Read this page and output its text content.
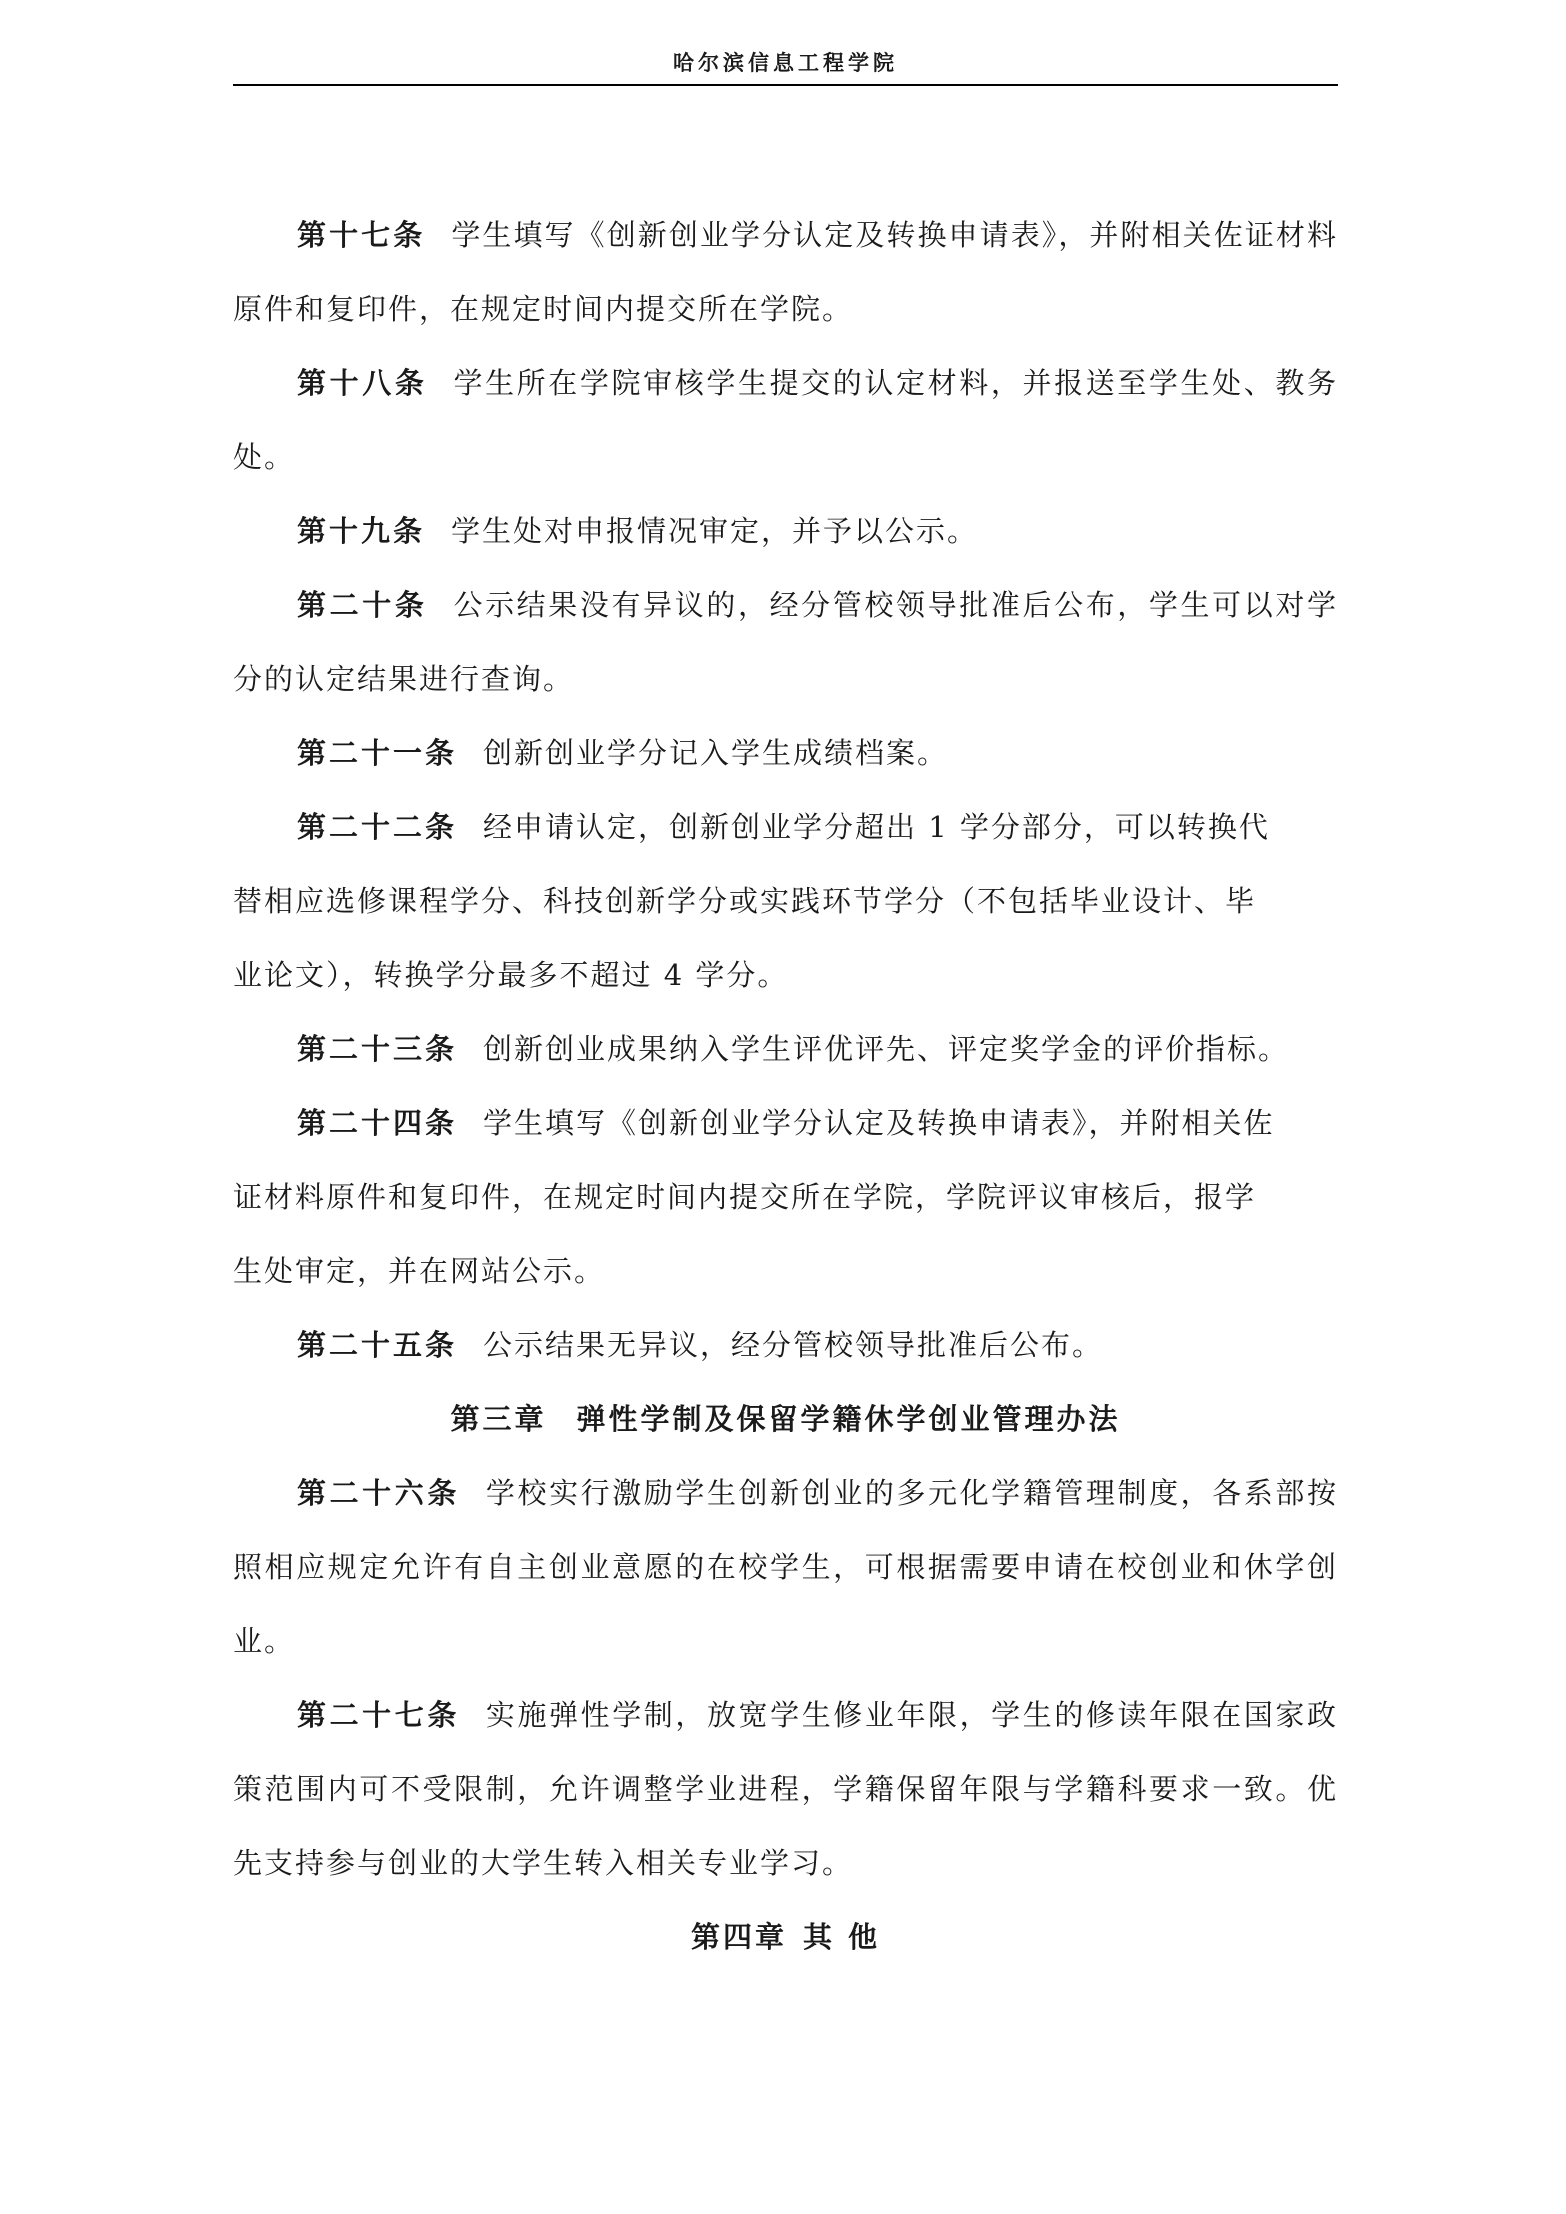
哈尔滨信息工程学院

第十七条 学生填写《创新创业学分认定及转换申请表》，并附相关佐证材料原件和复印件，在规定时间内提交所在学院。

第十八条 学生所在学院审核学生提交的认定材料，并报送至学生处、教务处。

第十九条 学生处对申报情况审定，并予以公示。

第二十条 公示结果没有异议的，经分管校领导批准后公布，学生可以对学分的认定结果进行查询。

第二十一条 创新创业学分记入学生成绩档案。

第二十二条 经申请认定，创新创业学分超出 1 学分部分，可以转换代
替相应选修课程学分、科技创新学分或实践环节学分（不包括毕业设计、毕
业论文），转换学分最多不超过 4 学分。

第二十三条 创新创业成果纳入学生评优评先、评定奖学金的评价指标。

第二十四条 学生填写《创新创业学分认定及转换申请表》，并附相关佐
证材料原件和复印件，在规定时间内提交所在学院，学院评议审核后，报学
生处审定，并在网站公示。

第二十五条 公示结果无异议，经分管校领导批准后公布。

第三章 弹性学制及保留学籍休学创业管理办法

第二十六条 学校实行激励学生创新创业的多元化学籍管理制度，各系部按照相应规定允许有自主创业意愿的在校学生，可根据需要申请在校创业和休学创业。

第二十七条 实施弹性学制，放宽学生修业年限，学生的修读年限在国家政策范围内可不受限制，允许调整学业进程，学籍保留年限与学籍科要求一致。优先支持参与创业的大学生转入相关专业学习。

第四章 其 他
